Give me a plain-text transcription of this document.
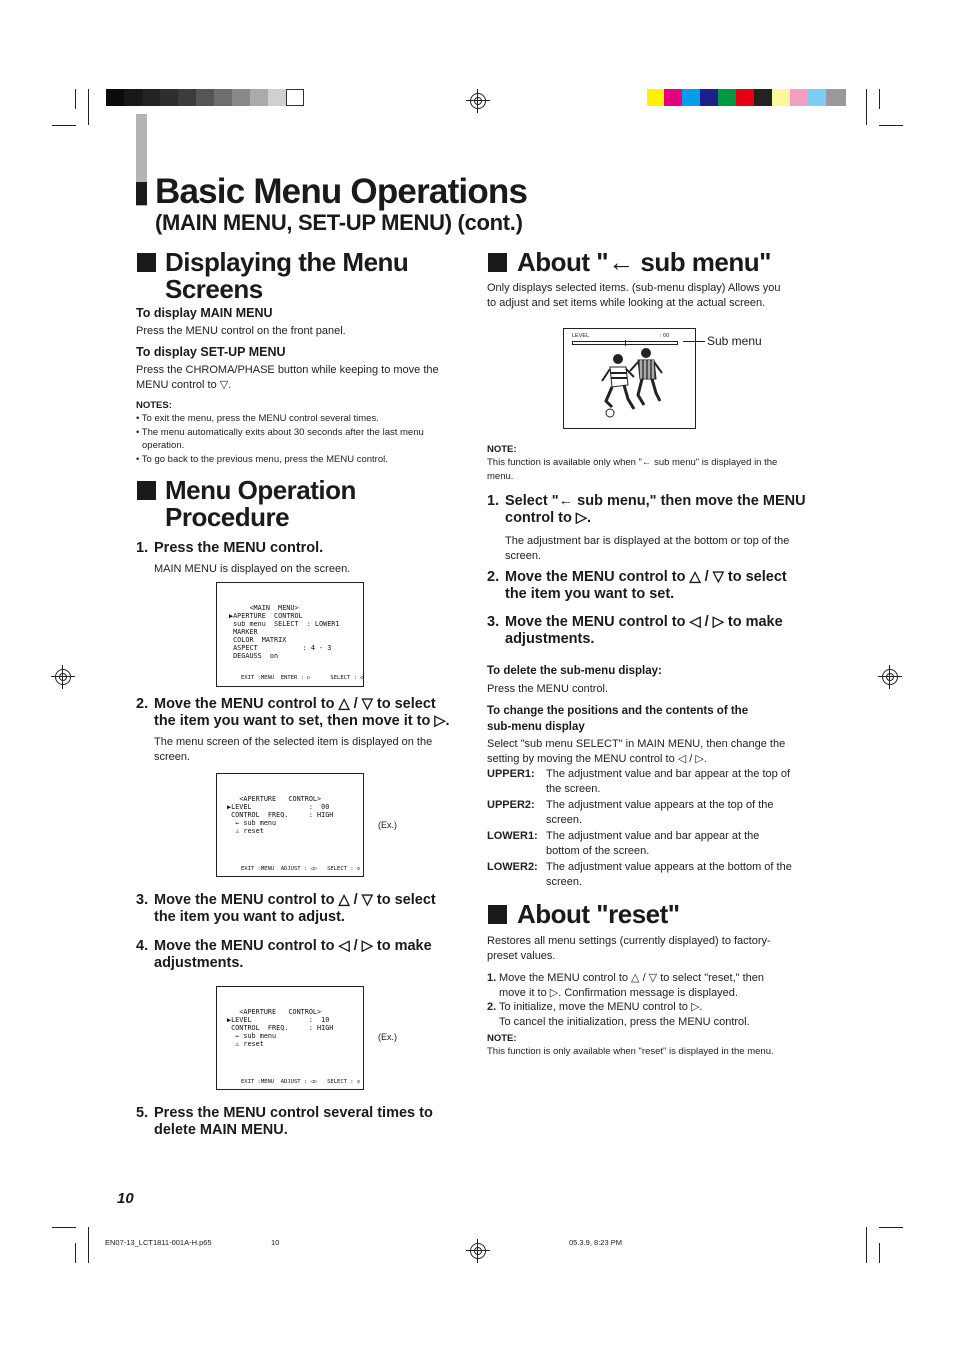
Basic Menu Operations
(MAIN MENU, SET-UP MENU) (cont.)
Displaying the Menu
Screens
To display MAIN MENU
Press the MENU control on the front panel.
To display SET-UP MENU
Press the CHROMA/PHASE button while keeping to move the
MENU control to ▽.
NOTES:
• To exit the menu, press the MENU control several times.
• The menu automatically exits about 30 seconds after the last menu
operation.
• To go back to the previous menu, press the MENU control.
Menu Operation
Procedure
1. Press the MENU control.
MAIN MENU is displayed on the screen.

<MAIN  MENU>
▶APERTURE  CONTROL
sub menu  SELECT  : LOWER1
MARKER
COLOR  MATRIX
ASPECT           : 4 - 3
DEGAUSS  on

EXIT :MENU  ENTER : ▷      SELECT : ◇
2. Move the MENU control to △ / ▽ to select
the item you want to set, then move it to ▷.
The menu screen of the selected item is displayed on the
screen.

<APERTURE   CONTROL>
▶LEVEL              :  00
CONTROL  FREQ.     : HIGH
← sub menu
⚠ reset

EXIT :MENU  ADJUST : ◁▷   SELECT : ◇
(Ex.)
3. Move the MENU control to △ / ▽ to select
the item you want to adjust.
4. Move the MENU control to ◁ / ▷ to make
adjustments.

<APERTURE   CONTROL>
▶LEVEL              :  10
CONTROL  FREQ.     : HIGH
← sub menu
⚠ reset

EXIT :MENU  ADJUST : ◁▷   SELECT : ◇
(Ex.)
5. Press the MENU control several times to
delete MAIN MENU.
About "← sub menu"
Only displays selected items. (sub-menu display) Allows you
to adjust and set items while looking at the actual screen.
LEVEL	: 00	Sub menu
NOTE:
This function is available only when "← sub menu" is displayed in the
menu.
1. Select "← sub menu," then move the MENU
control to ▷.
The adjustment bar is displayed at the bottom or top of the
screen.
2. Move the MENU control to △ / ▽ to select
the item you want to set.
3. Move the MENU control to ◁ / ▷ to make
adjustments.
To delete the sub-menu display:
Press the MENU control.
To change the positions and the contents of the
sub-menu display
Select "sub menu SELECT" in MAIN MENU, then change the
setting by moving the MENU control to ◁ / ▷.
UPPER1: The adjustment value and bar appear at the top of
the screen.
UPPER2: The adjustment value appears at the top of the
screen.
LOWER1: The adjustment value and bar appear at the
bottom of the screen.
LOWER2: The adjustment value appears at the bottom of the
screen.
About "reset"
Restores all menu settings (currently displayed) to factory-
preset values.
1. Move the MENU control to △ / ▽ to select "reset," then
move it to ▷. Confirmation message is displayed.
2. To initialize, move the MENU control to ▷.
To cancel the initialization, press the MENU control.
NOTE:
This function is only available when "reset" is displayed in the menu.
10
EN07-13_LCT1811-001A-H.p65	10	05.3.9, 8:23 PM
